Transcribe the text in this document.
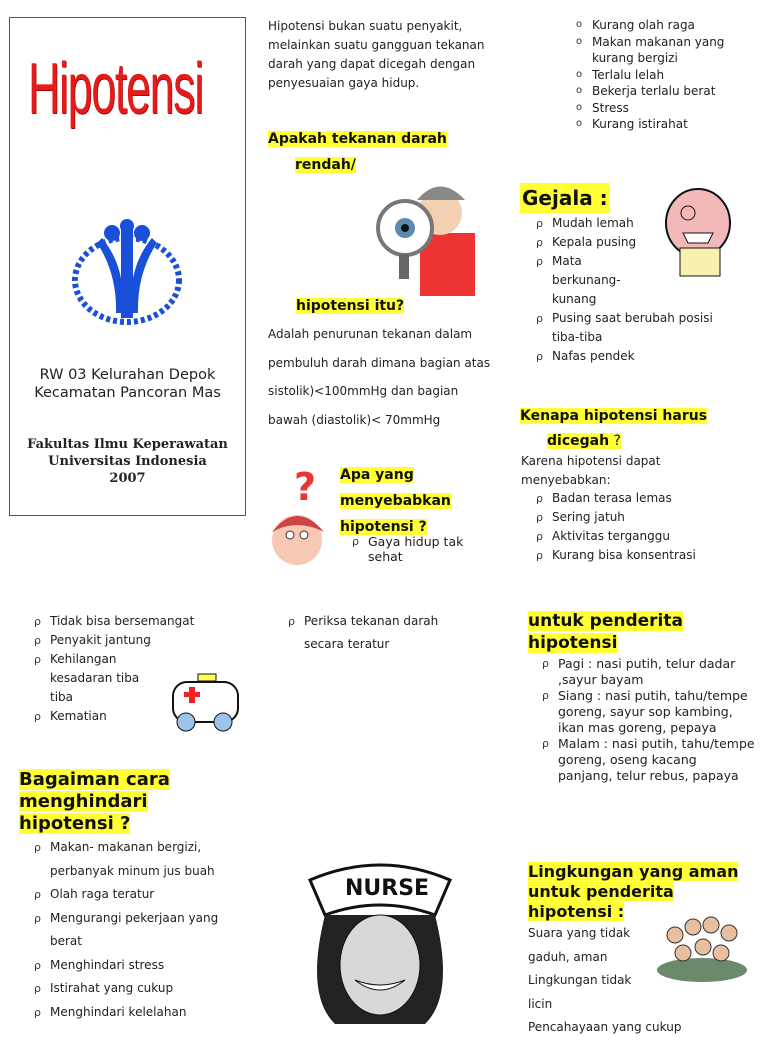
Hipotensi
RW 03 Kelurahan Depok
Kecamatan Pancoran Mas
Fakultas Ilmu Keperawatan
Universitas Indonesia
2007
Hipotensi bukan suatu penyakit, melainkan suatu gangguan tekanan darah yang dapat dicegah dengan penyesuaian gaya hidup.
Apakah tekanan darah
rendah/
hipotensi itu?
Adalah penurunan tekanan dalam pembuluh darah dimana bagian atas sistolik)<100mmHg dan bagian bawah (diastolik)< 70mmHg
? Apa yang
menyebabkan
hipotensi ?
ρ Gaya hidup tak sehat
o Kurang olah raga
o Makan makanan yang kurang bergizi
o Terlalu lelah
o Bekerja terlalu berat
o Stress
o Kurang istirahat
Gejala :
ρ Mudah lemah
ρ Kepala pusing
ρ Mata berkunang-kunang
ρ Pusing saat berubah posisi tiba-tiba
ρ Nafas pendek
Kenapa hipotensi harus
dicegah ?
Karena hipotensi dapat menyebabkan:
ρ Badan terasa lemas
ρ Sering jatuh
ρ Aktivitas terganggu
ρ Kurang bisa konsentrasi
ρ Tidak bisa bersemangat
ρ Penyakit jantung
ρ Kehilangan kesadaran tiba tiba
ρ Kematian
Bagaiman cara menghindari hipotensi ?
ρ Makan- makanan bergizi, perbanyak minum jus buah
ρ Olah raga teratur
ρ Mengurangi pekerjaan yang berat
ρ Menghindari stress
ρ Istirahat yang cukup
ρ Menghindari kelelahan
ρ Periksa tekanan darah secara teratur
NURSE
untuk penderita hipotensi
ρ Pagi : nasi putih, telur dadar ,sayur bayam
ρ Siang : nasi putih, tahu/tempe goreng, sayur sop kambing, ikan mas goreng, pepaya
ρ Malam : nasi putih, tahu/tempe goreng, oseng kacang panjang, telur rebus, papaya
Lingkungan yang aman untuk penderita hipotensi :
Suara yang tidak
gaduh, aman
Lingkungan tidak
licin
Pencahayaan yang cukup
